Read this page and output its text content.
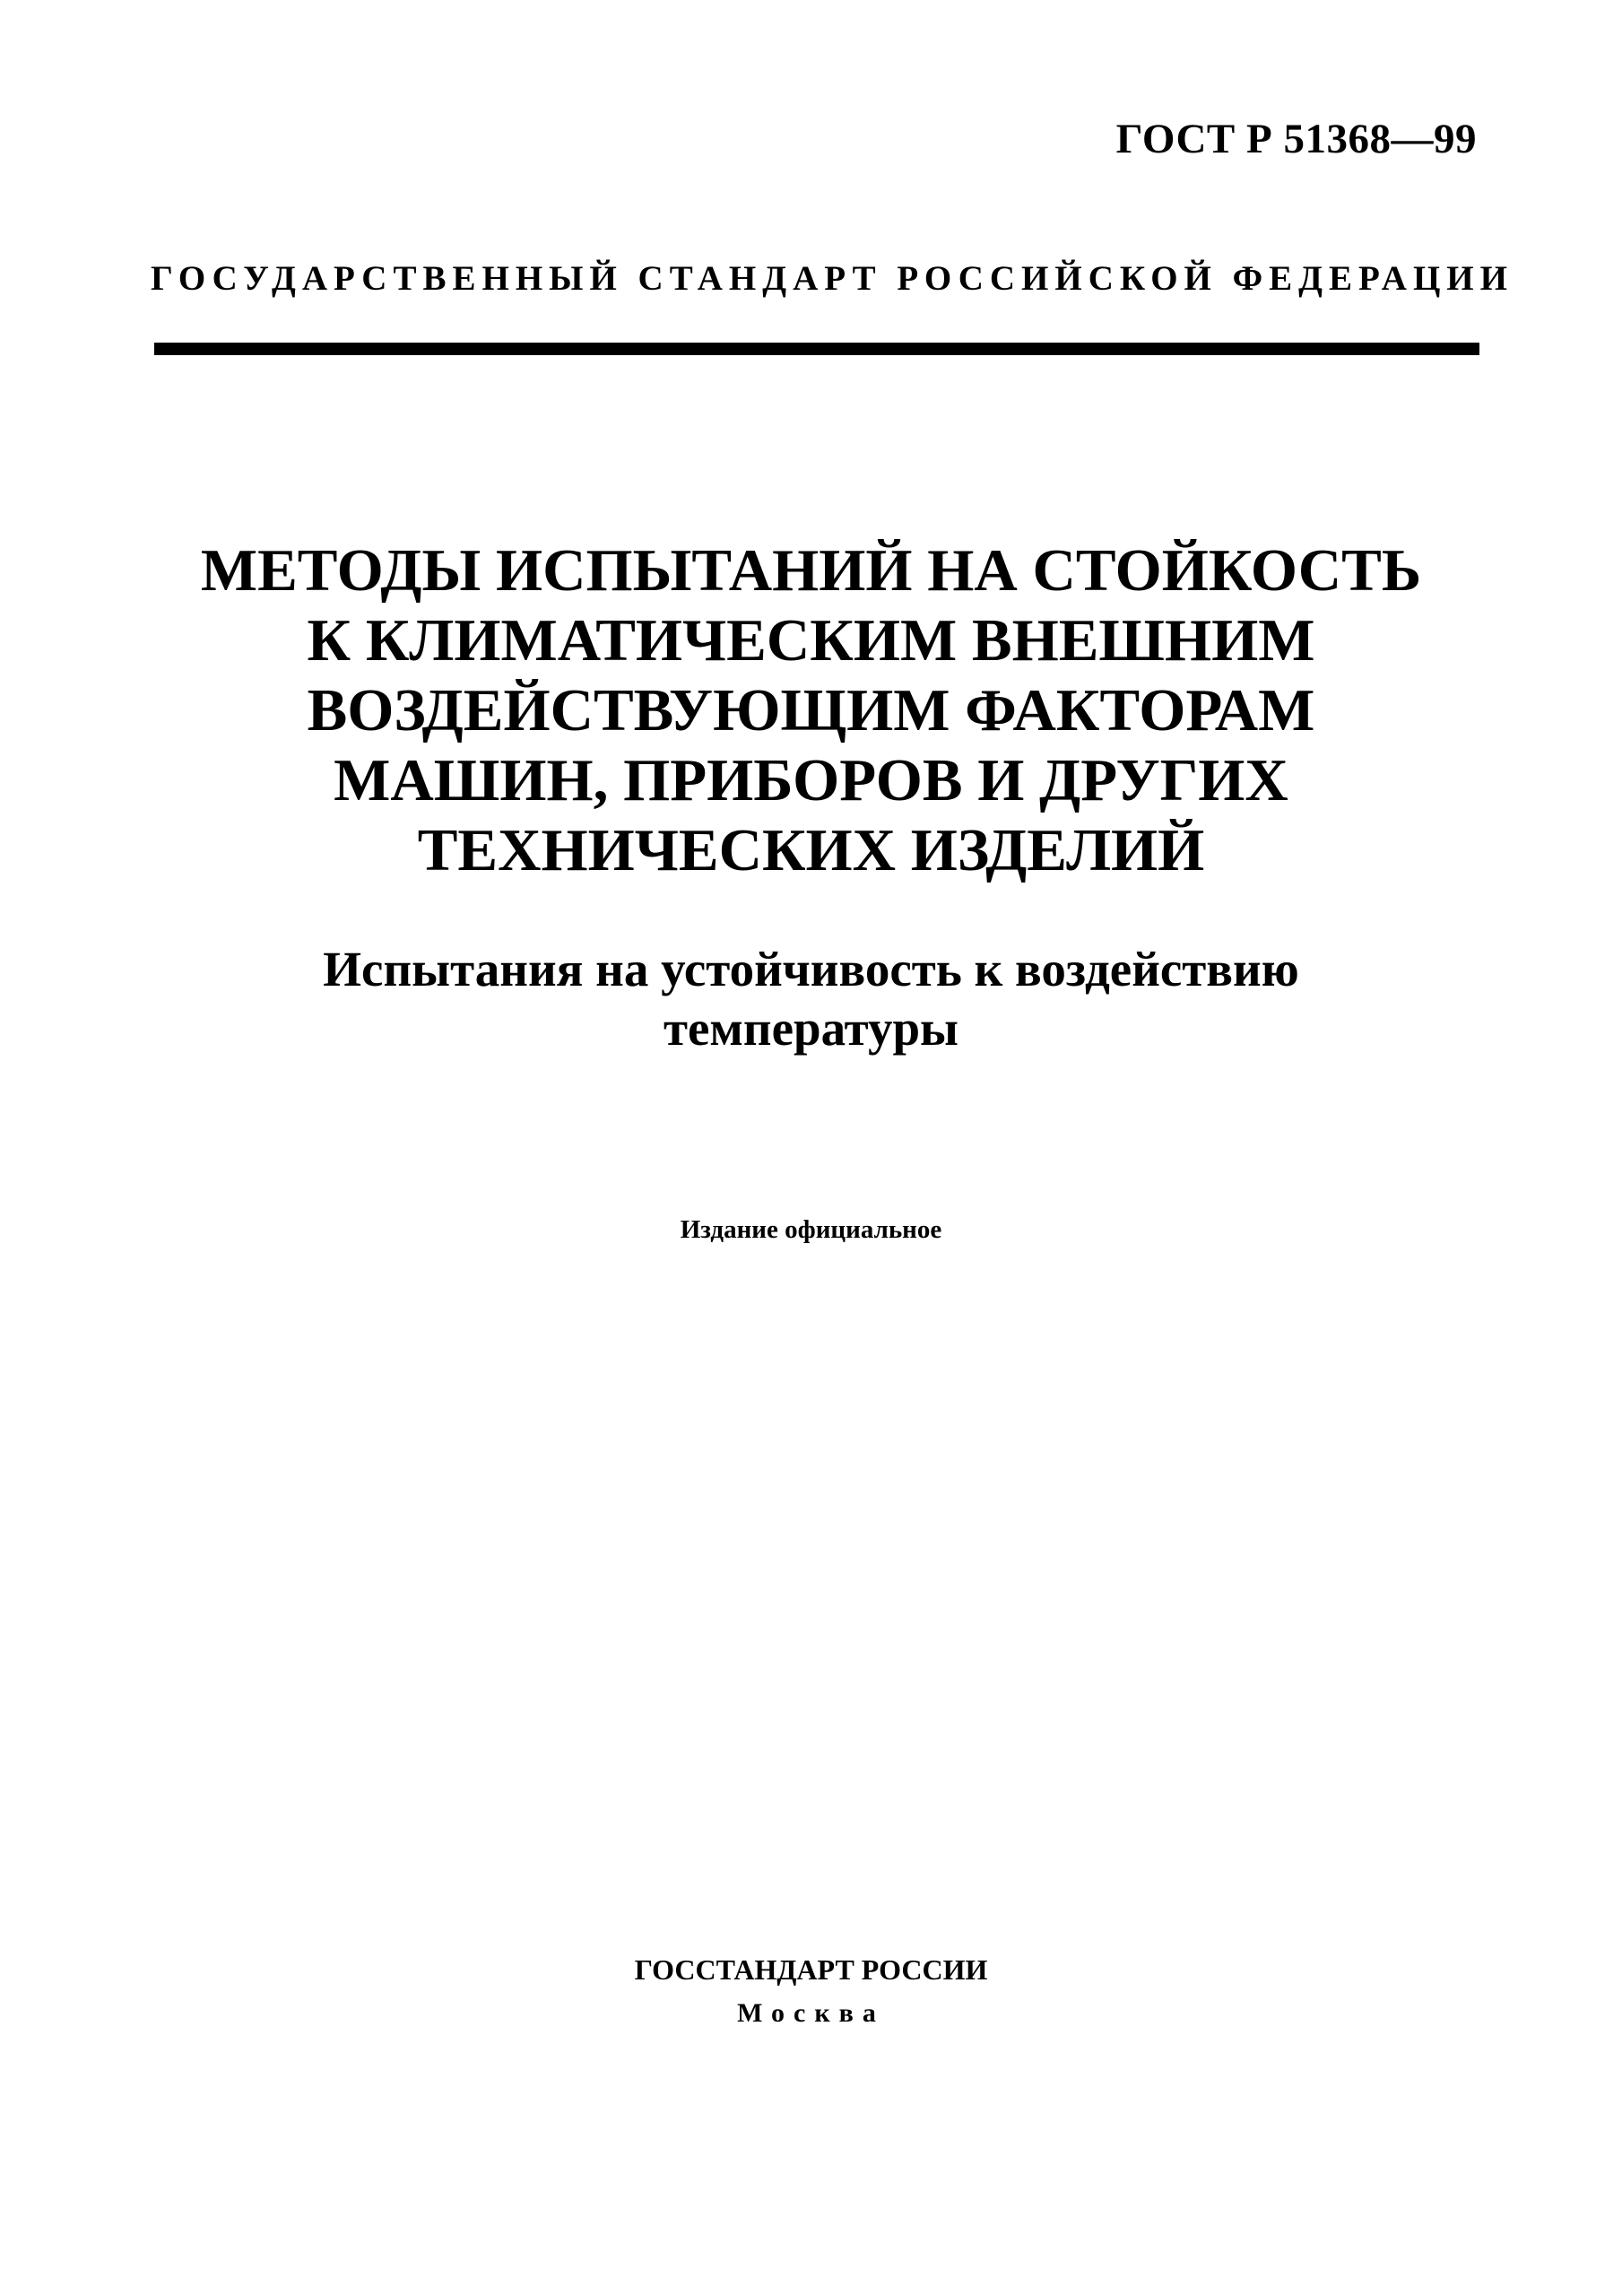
ГОСТ Р 51368—99
ГОСУДАРСТВЕННЫЙ СТАНДАРТ РОССИЙСКОЙ ФЕДЕРАЦИИ
МЕТОДЫ ИСПЫТАНИЙ НА СТОЙКОСТЬ
К КЛИМАТИЧЕСКИМ ВНЕШНИМ
ВОЗДЕЙСТВУЮЩИМ ФАКТОРАМ
МАШИН, ПРИБОРОВ И ДРУГИХ
ТЕХНИЧЕСКИХ ИЗДЕЛИЙ
Испытания на устойчивость к воздействию
температуры
Издание официальное
ГОССТАНДАРТ РОССИИ
Москва
